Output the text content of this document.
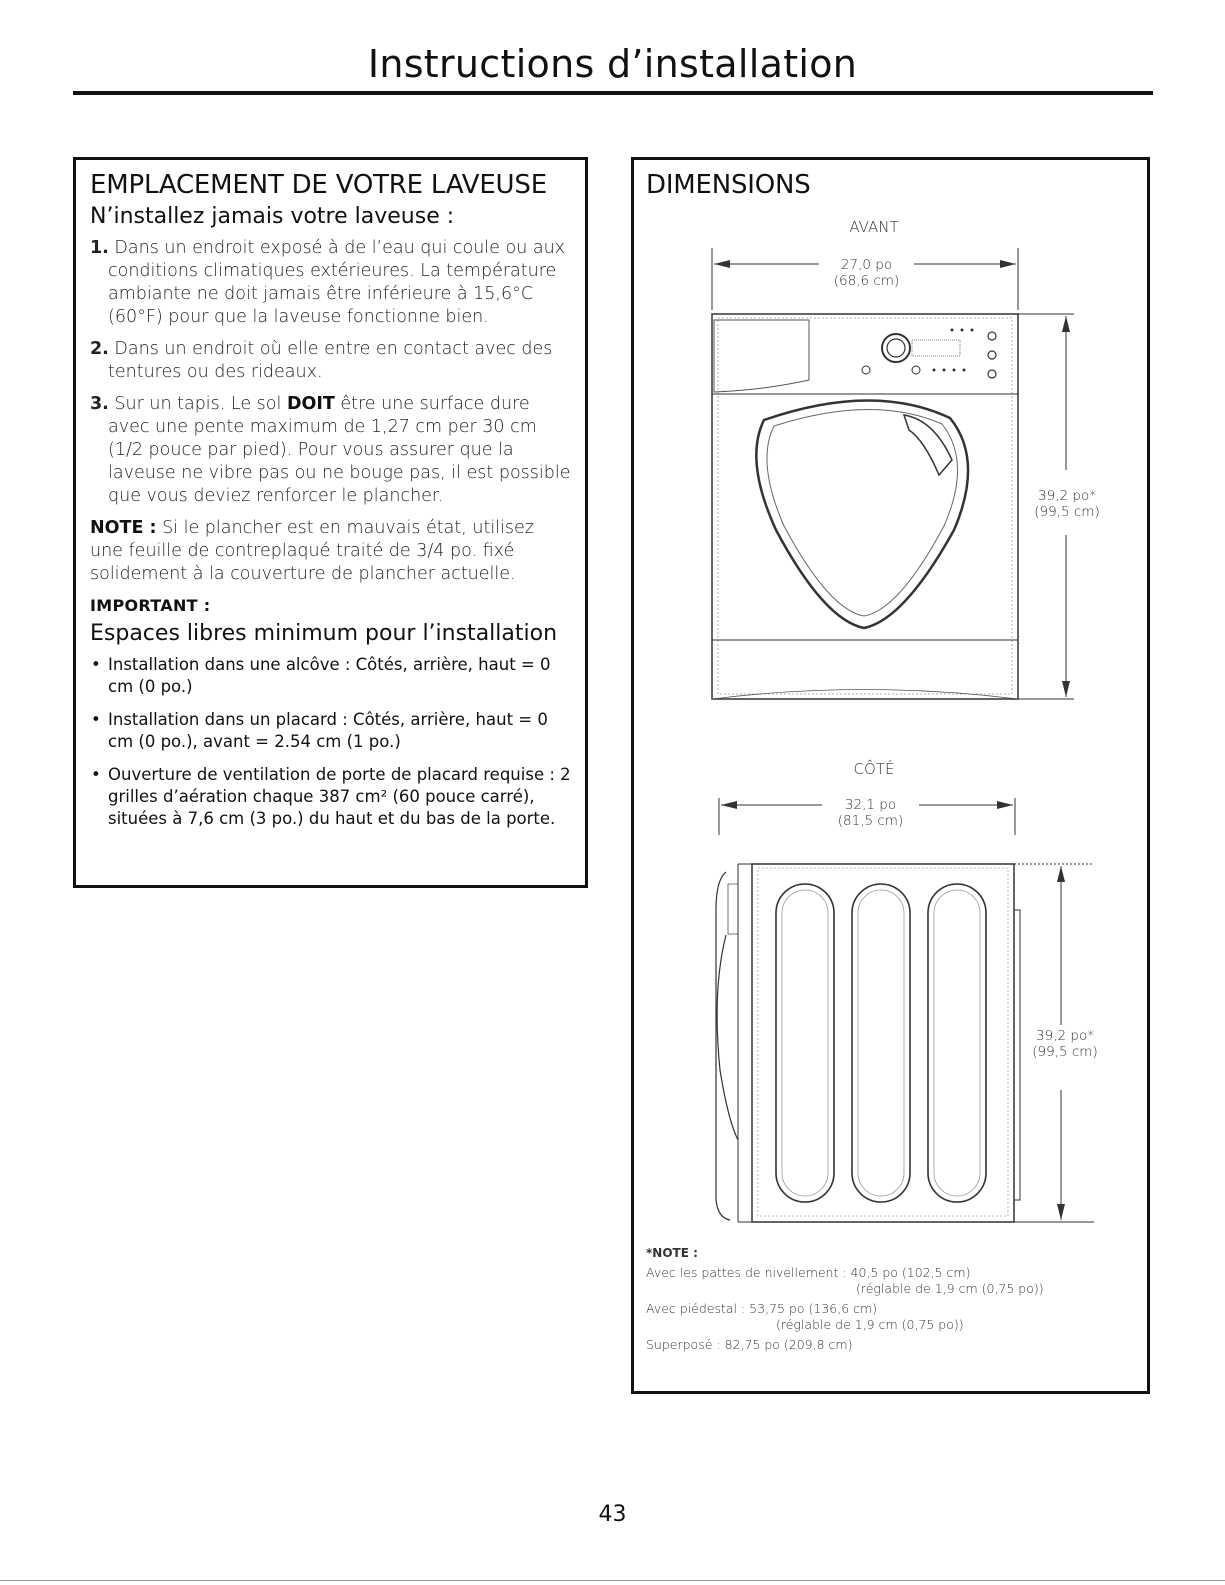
Instructions d’installation
EMPLACEMENT DE VOTRE LAVEUSE
N’installez jamais votre laveuse :
1. Dans un endroit exposé à de l’eau qui coule ou aux conditions climatiques extérieures. La température ambiante ne doit jamais être inférieure à 15,6°C (60°F) pour que la laveuse fonctionne bien.
2. Dans un endroit où elle entre en contact avec des tentures ou des rideaux.
3. Sur un tapis. Le sol DOIT être une surface dure avec une pente maximum de 1,27 cm per 30 cm (1/2 pouce par pied). Pour vous assurer que la laveuse ne vibre pas ou ne bouge pas, il est possible que vous deviez renforcer le plancher.

NOTE : Si le plancher est en mauvais état, utilisez une feuille de contreplaqué traité de 3/4 po. fixé solidement à la couverture de plancher actuelle.

IMPORTANT :
Espaces libres minimum pour l’installation
• Installation dans une alcôve : Côtés, arrière, haut = 0 cm (0 po.)
• Installation dans un placard : Côtés, arrière, haut = 0 cm (0 po.), avant = 2.54 cm (1 po.)
• Ouverture de ventilation de porte de placard requise : 2 grilles d’aération chaque 387 cm² (60 pouce carré), situées à 7,6 cm (3 po.) du haut et du bas de la porte.
DIMENSIONS
AVANT
27,0 po
(68,6 cm)
39,2 po*
(99,5 cm)
CÔTÉ
32,1 po
(81,5 cm)
39,2 po*
(99,5 cm)
*NOTE :
Avec les pattes de nivellement : 40,5 po (102,5 cm)
(réglable de 1,9 cm (0,75 po))
Avec piédestal : 53,75 po (136,6 cm)
(réglable de 1,9 cm (0,75 po))
Superposé : 82,75 po (209,8 cm)
43
